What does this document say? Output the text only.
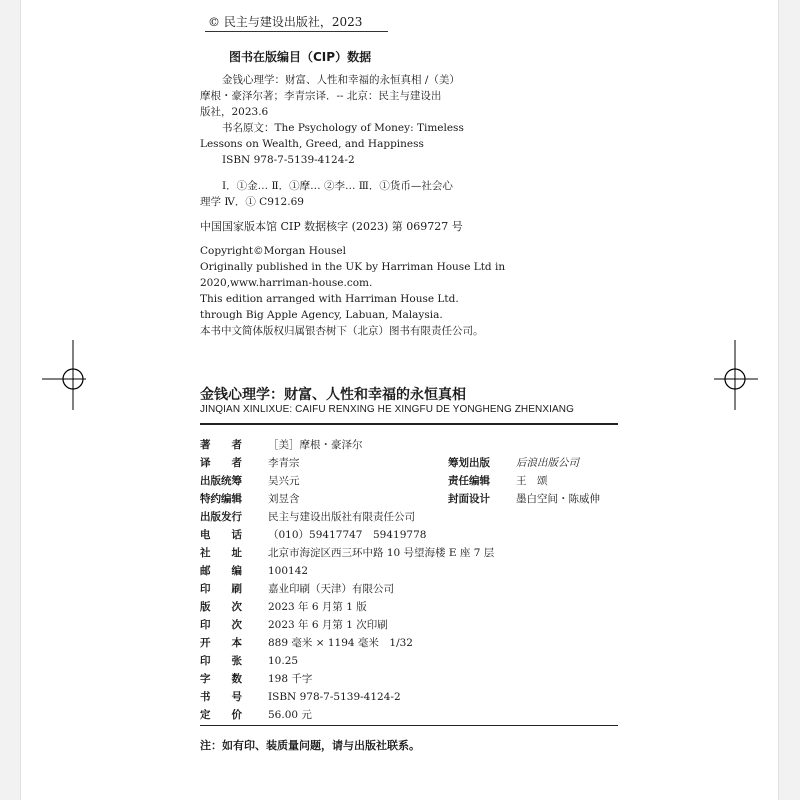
© 民主与建设出版社，2023
图书在版编目（CIP）数据
金钱心理学：财富、人性和幸福的永恒真相 /（美）
摩根・豪泽尔著；李青宗译．-- 北京：民主与建设出
版社，2023.6
书名原文：The Psychology of Money: Timeless
Lessons on Wealth, Greed, and Happiness
ISBN 978-7-5139-4124-2
Ⅰ．①金… Ⅱ．①摩… ②李… Ⅲ．①货币—社会心
理学 Ⅳ．① C912.69
中国国家版本馆 CIP 数据核字 (2023) 第 069727 号
Copyright©Morgan Housel
Originally published in the UK by Harriman House Ltd in
2020,www.harriman-house.com.
This edition arranged with Harriman House Ltd.
through Big Apple Agency, Labuan, Malaysia.
本书中文简体版权归属银杏树下（北京）图书有限责任公司。
金钱心理学：财富、人性和幸福的永恒真相
JINQIAN XINLIXUE: CAIFU RENXING HE XINGFU DE YONGHENG ZHENXIANG
著　　者	［美］摩根・豪泽尔
译　　者	李青宗	筹划出版	后浪出版公司
出版统筹	吴兴元	责任编辑	王　颂
特约编辑	刘昱含	封面设计	墨白空间・陈威伸
出版发行	民主与建设出版社有限责任公司
电　　话	（010）59417747　59419778
社　　址	北京市海淀区西三环中路 10 号望海楼 E 座 7 层
邮　　编	100142
印　　刷	嘉业印刷（天津）有限公司
版　　次	2023 年 6 月第 1 版
印　　次	2023 年 6 月第 1 次印刷
开　　本	889 毫米 × 1194 毫米　1/32
印　　张	10.25
字　　数	198 千字
书　　号	ISBN 978-7-5139-4124-2
定　　价	56.00 元
注：如有印、装质量问题，请与出版社联系。
